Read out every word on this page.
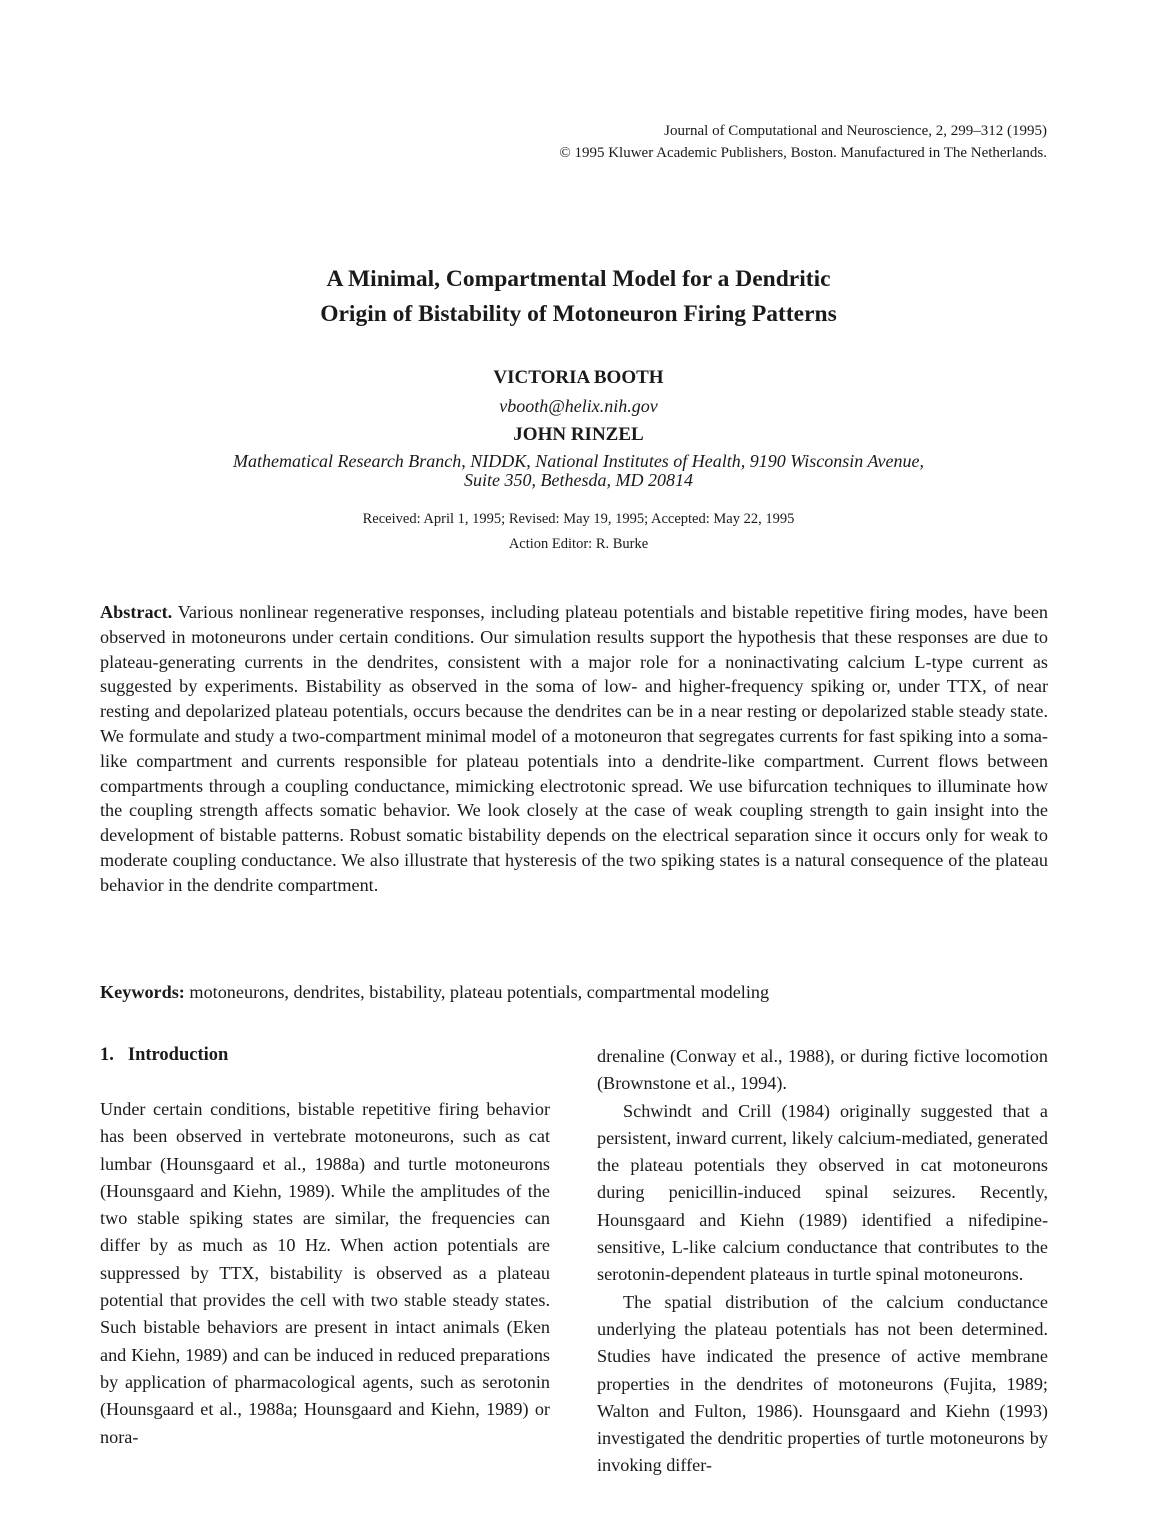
Journal of Computational and Neuroscience, 2, 299–312 (1995)
© 1995 Kluwer Academic Publishers, Boston. Manufactured in The Netherlands.
A Minimal, Compartmental Model for a Dendritic
Origin of Bistability of Motoneuron Firing Patterns
VICTORIA BOOTH
vbooth@helix.nih.gov
JOHN RINZEL
Mathematical Research Branch, NIDDK, National Institutes of Health, 9190 Wisconsin Avenue,
Suite 350, Bethesda, MD 20814
Received: April 1, 1995; Revised: May 19, 1995; Accepted: May 22, 1995
Action Editor: R. Burke
Abstract. Various nonlinear regenerative responses, including plateau potentials and bistable repetitive firing modes, have been observed in motoneurons under certain conditions. Our simulation results support the hypothesis that these responses are due to plateau-generating currents in the dendrites, consistent with a major role for a noninactivating calcium L-type current as suggested by experiments. Bistability as observed in the soma of low- and higher-frequency spiking or, under TTX, of near resting and depolarized plateau potentials, occurs because the dendrites can be in a near resting or depolarized stable steady state. We formulate and study a two-compartment minimal model of a motoneuron that segregates currents for fast spiking into a soma-like compartment and currents responsible for plateau potentials into a dendrite-like compartment. Current flows between compartments through a coupling conductance, mimicking electrotonic spread. We use bifurcation techniques to illuminate how the coupling strength affects somatic behavior. We look closely at the case of weak coupling strength to gain insight into the development of bistable patterns. Robust somatic bistability depends on the electrical separation since it occurs only for weak to moderate coupling conductance. We also illustrate that hysteresis of the two spiking states is a natural consequence of the plateau behavior in the dendrite compartment.
Keywords: motoneurons, dendrites, bistability, plateau potentials, compartmental modeling
1. Introduction

Under certain conditions, bistable repetitive firing behavior has been observed in vertebrate motoneurons, such as cat lumbar (Hounsgaard et al., 1988a) and turtle motoneurons (Hounsgaard and Kiehn, 1989). While the amplitudes of the two stable spiking states are similar, the frequencies can differ by as much as 10 Hz. When action potentials are suppressed by TTX, bistability is observed as a plateau potential that provides the cell with two stable steady states. Such bistable behaviors are present in intact animals (Eken and Kiehn, 1989) and can be induced in reduced preparations by application of pharmacological agents, such as serotonin (Hounsgaard et al., 1988a; Hounsgaard and Kiehn, 1989) or nora-

drenaline (Conway et al., 1988), or during fictive locomotion (Brownstone et al., 1994).

Schwindt and Crill (1984) originally suggested that a persistent, inward current, likely calcium-mediated, generated the plateau potentials they observed in cat motoneurons during penicillin-induced spinal seizures. Recently, Hounsgaard and Kiehn (1989) identified a nifedipine-sensitive, L-like calcium conductance that contributes to the serotonin-dependent plateaus in turtle spinal motoneurons.

The spatial distribution of the calcium conductance underlying the plateau potentials has not been determined. Studies have indicated the presence of active membrane properties in the dendrites of motoneurons (Fujita, 1989; Walton and Fulton, 1986). Hounsgaard and Kiehn (1993) investigated the dendritic properties of turtle motoneurons by invoking differ-
